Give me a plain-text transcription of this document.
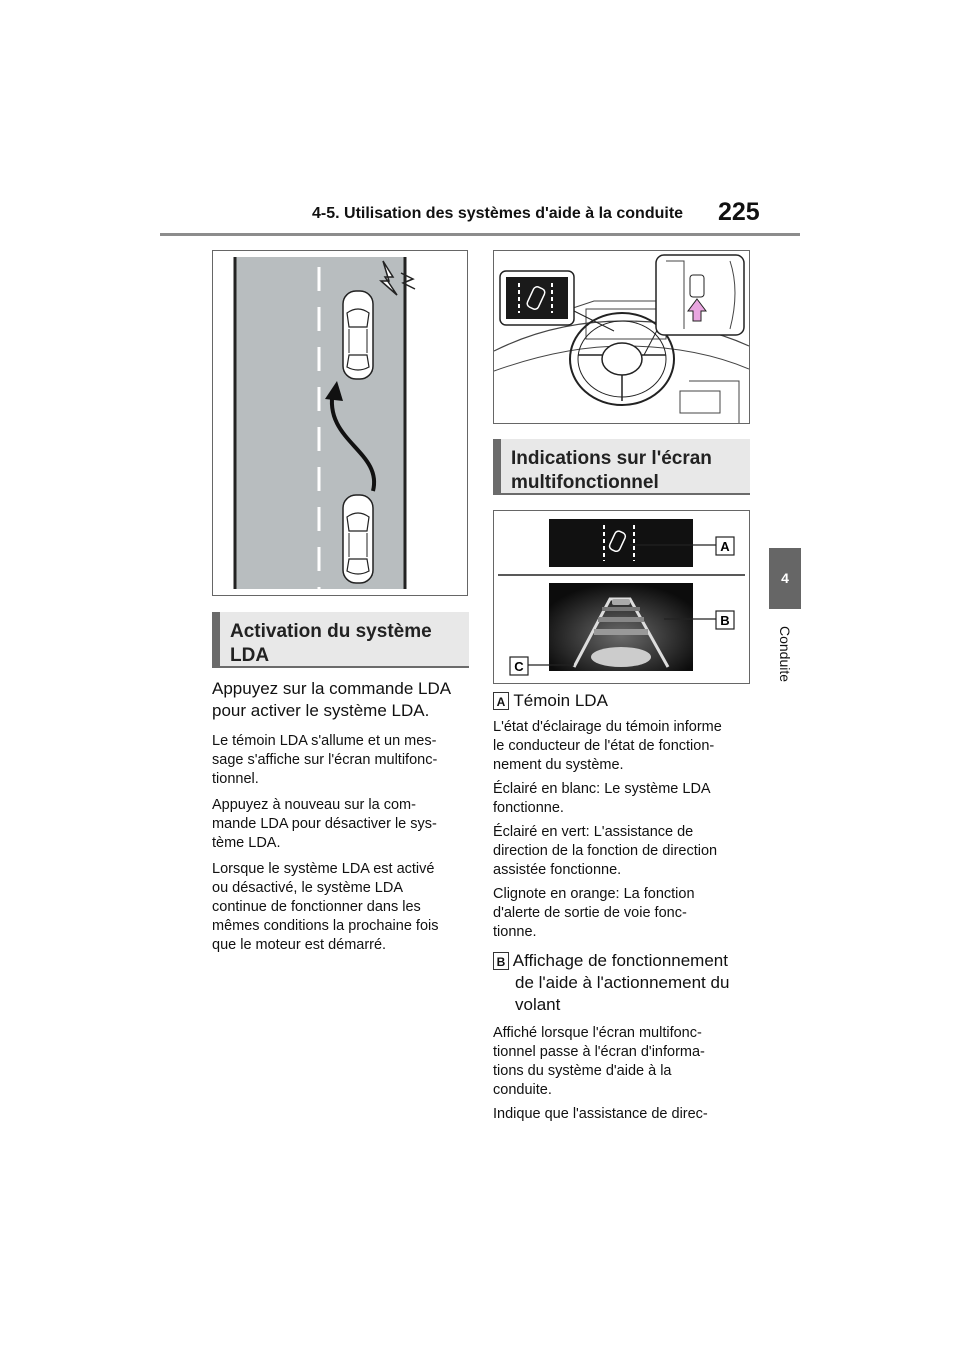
4-5. Utilisation des systèmes d'aide à la conduite 225
4
Conduite
Activation du système
LDA
Indications sur l'écran
multifonctionnel
A
B
C
Appuyez sur la commande LDA
pour activer le système LDA.
Le témoin LDA s'allume et un mes-
sage s'affiche sur l'écran multifonc-
tionnel.
Appuyez à nouveau sur la com-
mande LDA pour désactiver le sys-
tème LDA.
Lorsque le système LDA est activé
ou désactivé, le système LDA
continue de fonctionner dans les
mêmes conditions la prochaine fois
que le moteur est démarré.
A Témoin LDA
L'état d'éclairage du témoin informe
le conducteur de l'état de fonction-
nement du système.
Éclairé en blanc: Le système LDA
fonctionne.
Éclairé en vert: L'assistance de
direction de la fonction de direction
assistée fonctionne.
Clignote en orange: La fonction
d'alerte de sortie de voie fonc-
tionne.
B Affichage de fonctionnement
de l'aide à l'actionnement du
volant
Affiché lorsque l'écran multifonc-
tionnel passe à l'écran d'informa-
tions du système d'aide à la
conduite.
Indique que l'assistance de direc-
